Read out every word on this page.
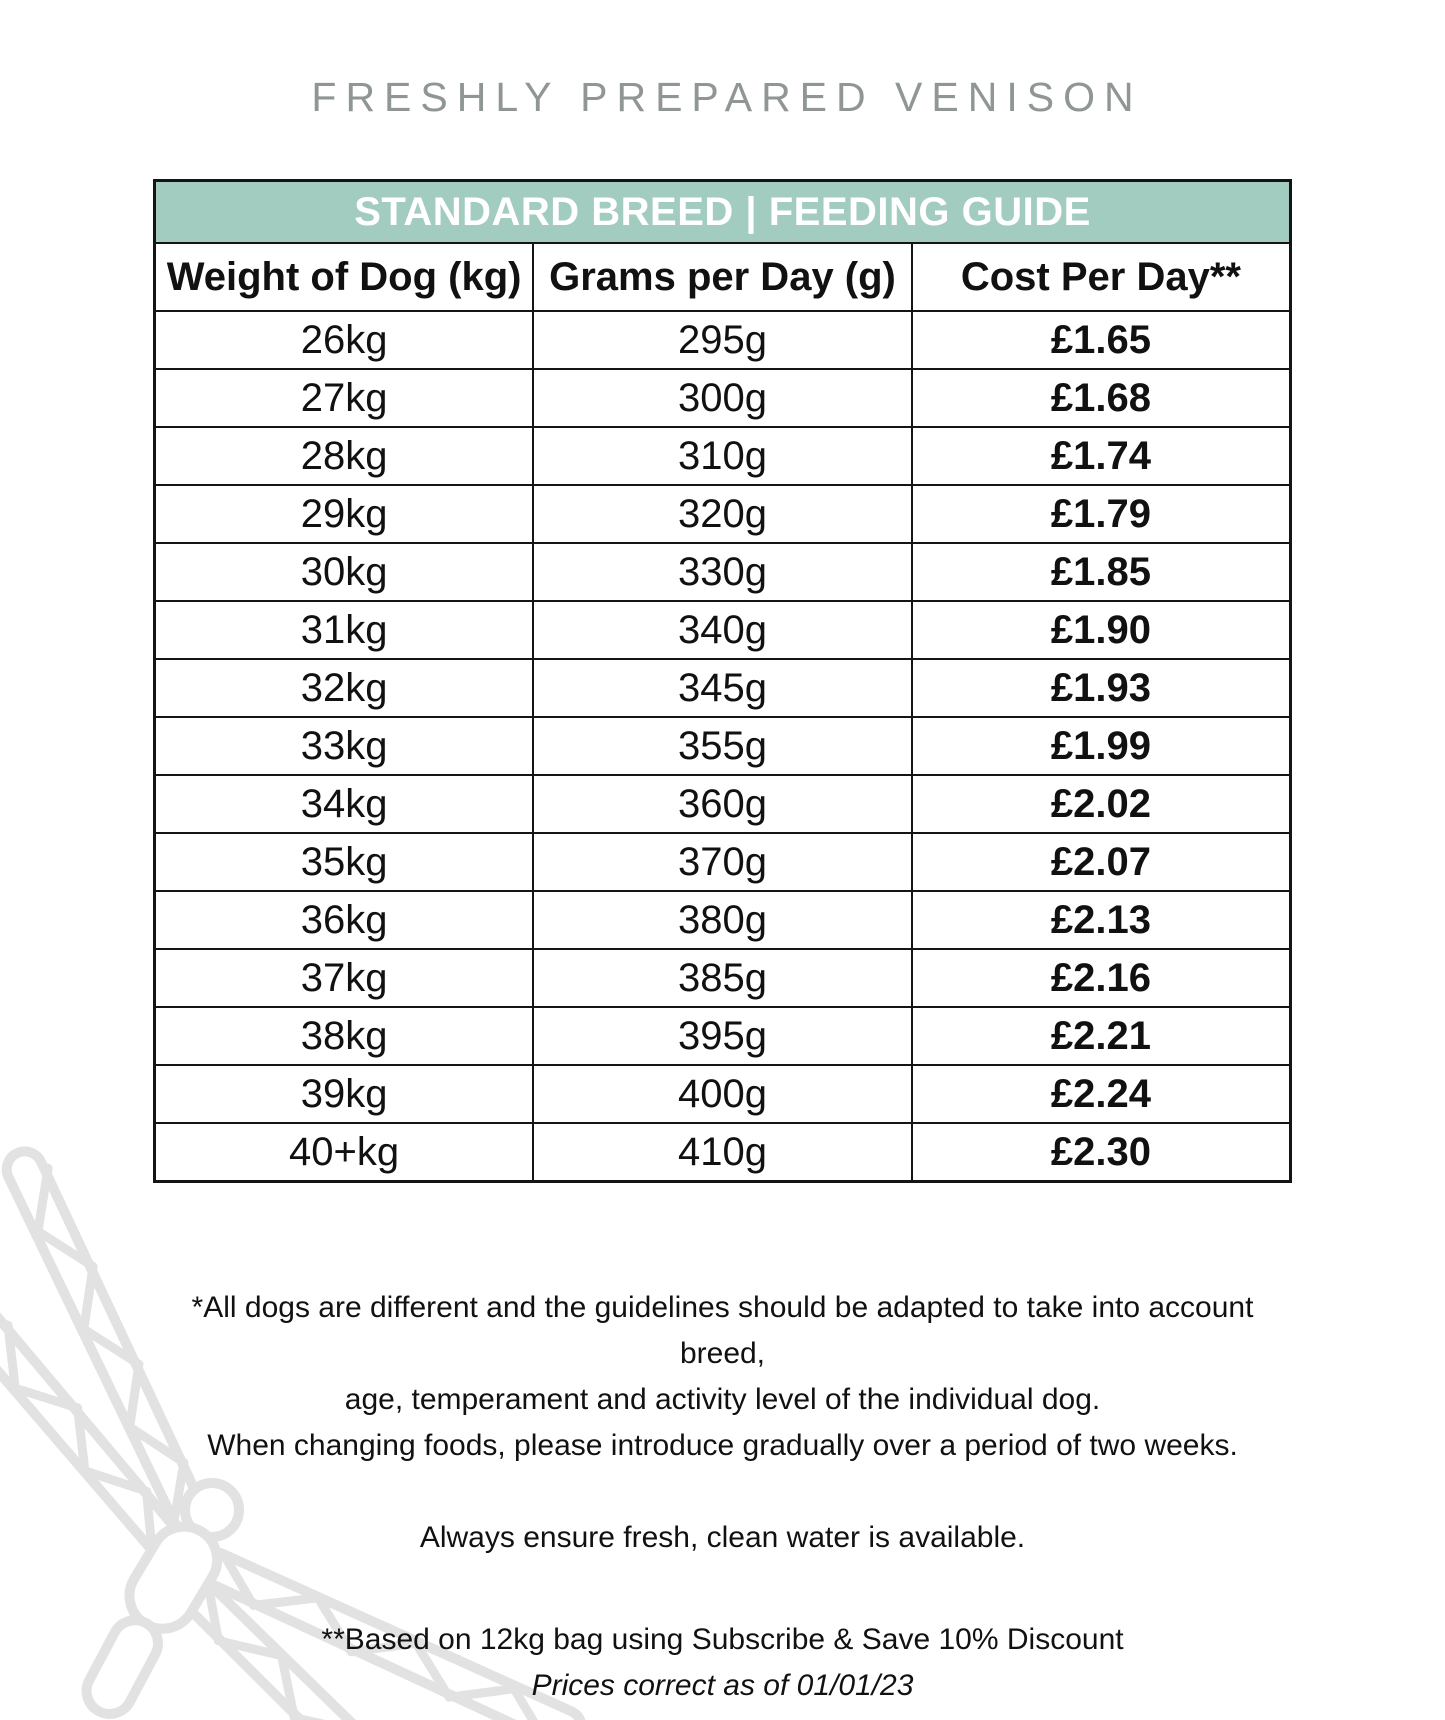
FRESHLY PREPARED VENISON
STANDARD BREED | FEEDING GUIDE		
Weight of Dog (kg)	Grams per Day (g)	Cost Per Day**
26kg	295g	£1.65
27kg	300g	£1.68
28kg	310g	£1.74
29kg	320g	£1.79
30kg	330g	£1.85
31kg	340g	£1.90
32kg	345g	£1.93
33kg	355g	£1.99
34kg	360g	£2.02
35kg	370g	£2.07
36kg	380g	£2.13
37kg	385g	£2.16
38kg	395g	£2.21
39kg	400g	£2.24
40+kg	410g	£2.30
*All dogs are different and the guidelines should be adapted to take into account breed,
age, temperament and activity level of the individual dog.
When changing foods, please introduce gradually over a period of two weeks.
Always ensure fresh, clean water is available.
**Based on 12kg bag using Subscribe & Save 10% Discount
Prices correct as of 01/01/23
